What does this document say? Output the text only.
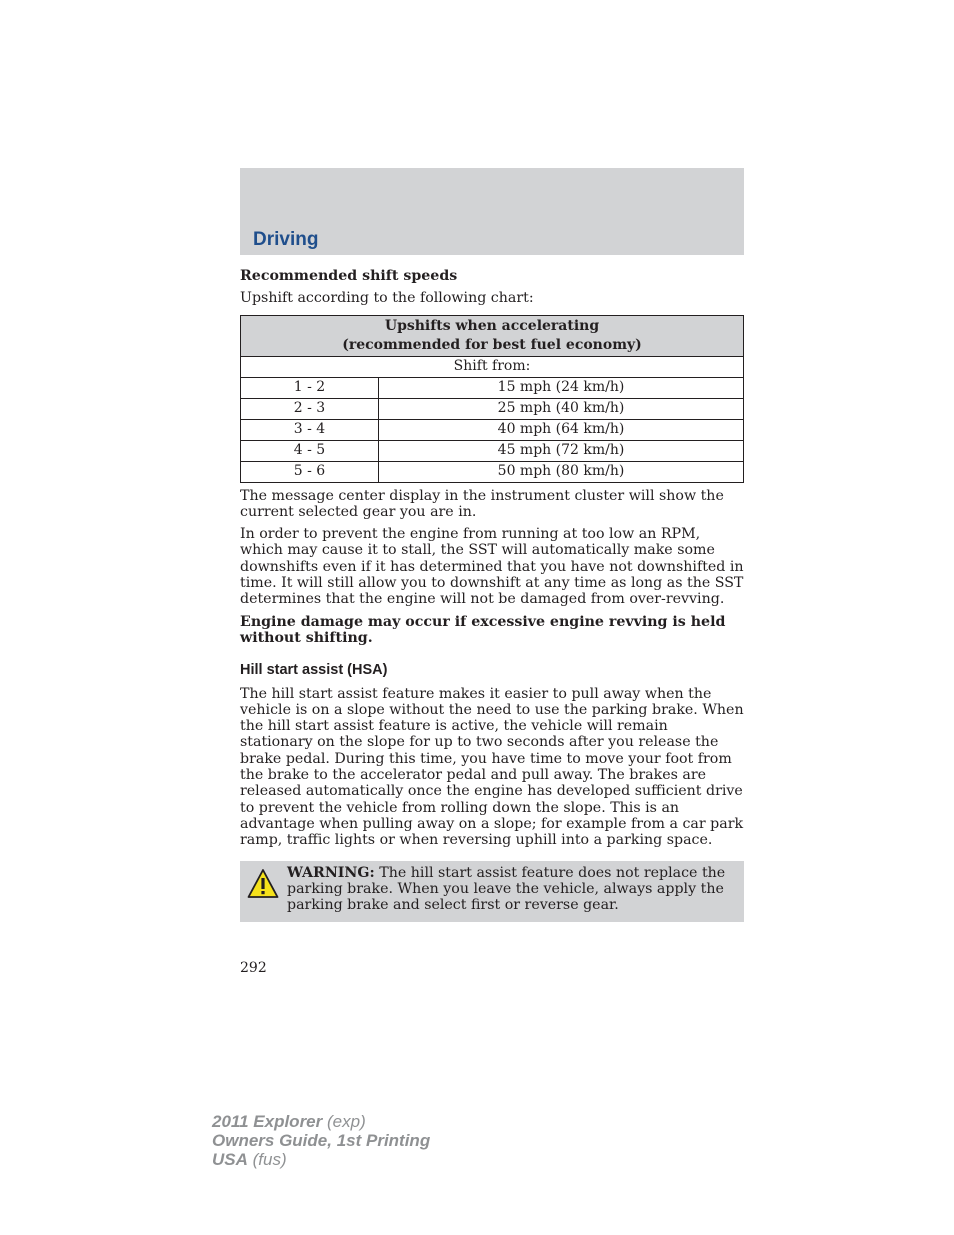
Driving
Recommended shift speeds

Upshift according to the following chart:

Upshifts when accelerating
(recommended for best fuel economy)	
Shift from:	
1 - 2	15 mph (24 km/h)
2 - 3	25 mph (40 km/h)
3 - 4	40 mph (64 km/h)
4 - 5	45 mph (72 km/h)
5 - 6	50 mph (80 km/h)

The message center display in the instrument cluster will show the current selected gear you are in.

In order to prevent the engine from running at too low an RPM, which may cause it to stall, the SST will automatically make some downshifts even if it has determined that you have not downshifted in time. It will still allow you to downshift at any time as long as the SST determines that the engine will not be damaged from over-revving.

Engine damage may occur if excessive engine revving is held without shifting.
Hill start assist (HSA)

The hill start assist feature makes it easier to pull away when the vehicle is on a slope without the need to use the parking brake. When the hill start assist feature is active, the vehicle will remain stationary on the slope for up to two seconds after you release the brake pedal. During this time, you have time to move your foot from the brake to the accelerator pedal and pull away. The brakes are released automatically once the engine has developed sufficient drive to prevent the vehicle from rolling down the slope. This is an advantage when pulling away on a slope; for example from a car park ramp, traffic lights or when reversing uphill into a parking space.

WARNING: The hill start assist feature does not replace the parking brake. When you leave the vehicle, always apply the parking brake and select first or reverse gear.
292
2011 Explorer (exp)
Owners Guide, 1st Printing
USA (fus)
